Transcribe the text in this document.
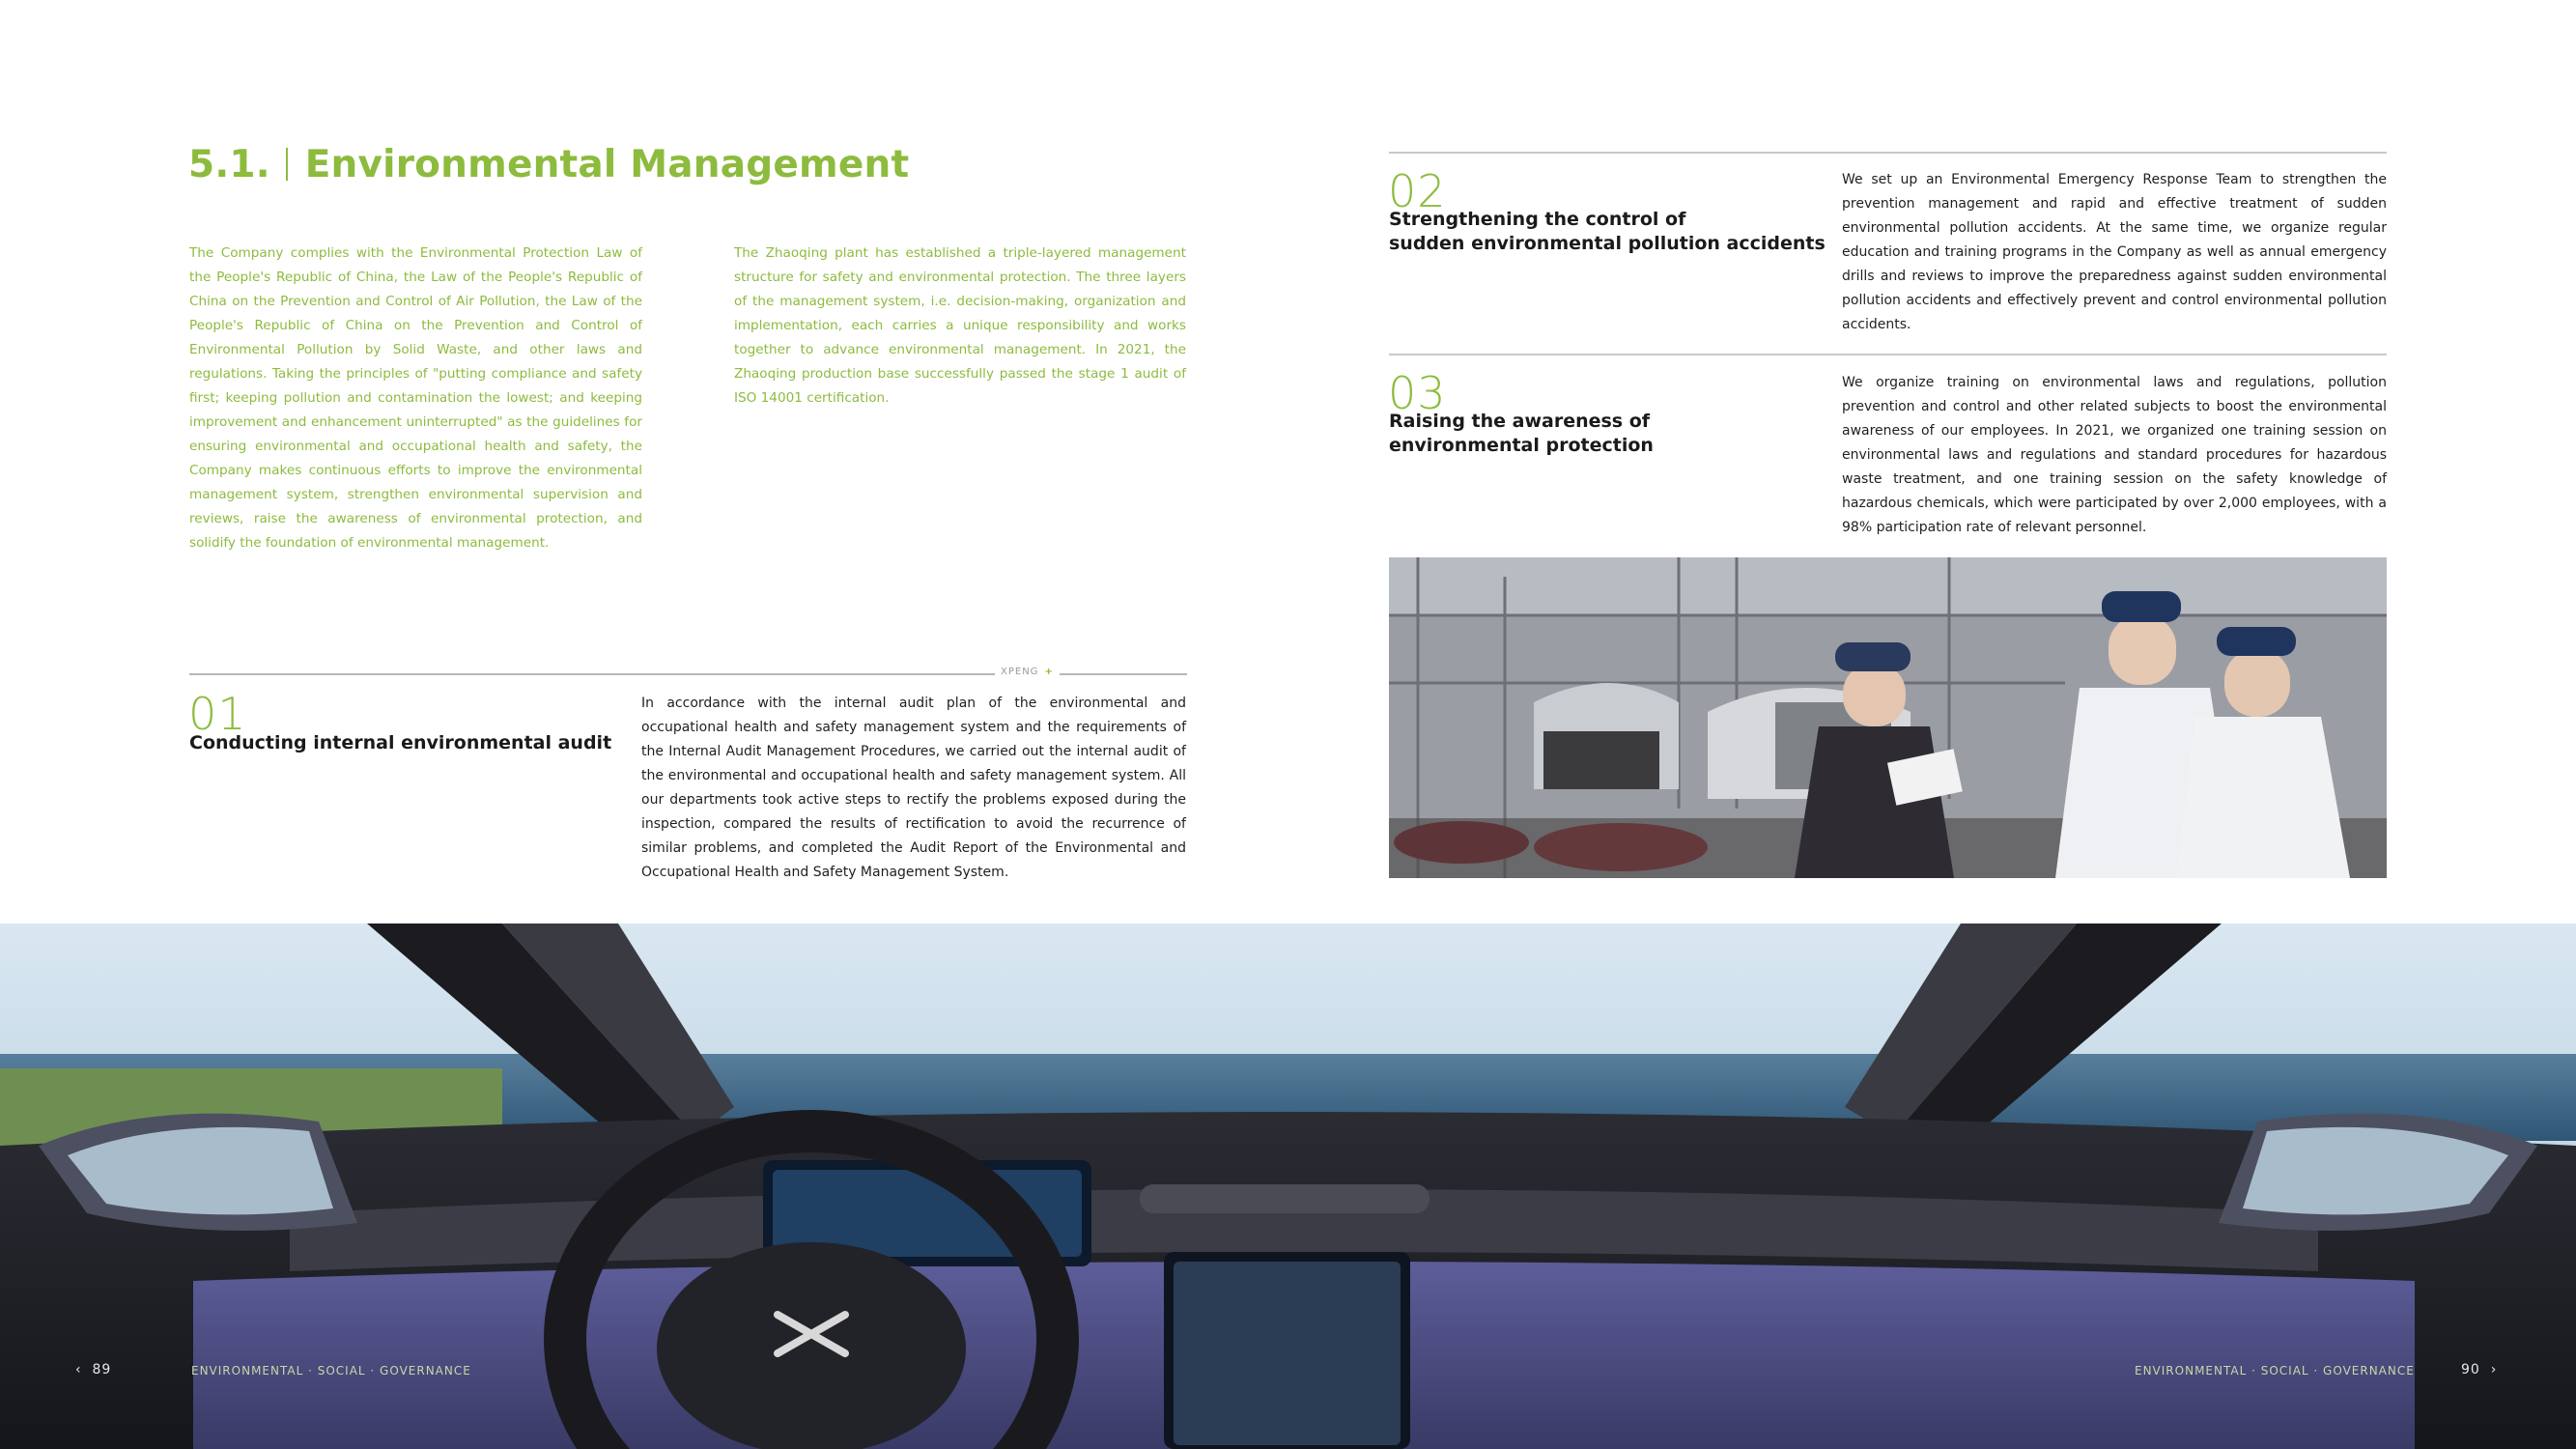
5.1. Environmental Management

The Company complies with the Environmental Protection Law of the People's Republic of China, the Law of the People's Republic of China on the Prevention and Control of Air Pollution, the Law of the People's Republic of China on the Prevention and Control of Environmental Pollution by Solid Waste, and other laws and regulations. Taking the principles of "putting compliance and safety first; keeping pollution and contamination the lowest; and keeping improvement and enhancement uninterrupted" as the guidelines for ensuring environmental and occupational health and safety, the Company makes continuous efforts to improve the environmental management system, strengthen environmental supervision and reviews, raise the awareness of environmental protection, and solidify the foundation of environmental management.

The Zhaoqing plant has established a triple-layered management structure for safety and environmental protection. The three layers of the management system, i.e. decision-making, organization and implementation, each carries a unique responsibility and works together to advance environmental management. In 2021, the Zhaoqing production base successfully passed the stage 1 audit of ISO 14001 certification.

XPENG +
01
Conducting internal environmental audit

In accordance with the internal audit plan of the environmental and occupational health and safety management system and the requirements of the Internal Audit Management Procedures, we carried out the internal audit of the environmental and occupational health and safety management system. All our departments took active steps to rectify the problems exposed during the inspection, compared the results of rectification to avoid the recurrence of similar problems, and completed the Audit Report of the Environmental and Occupational Health and Safety Management System.

02
Strengthening the control of
sudden environmental pollution accidents

We set up an Environmental Emergency Response Team to strengthen the prevention management and rapid and effective treatment of sudden environmental pollution accidents. At the same time, we organize regular education and training programs in the Company as well as annual emergency drills and reviews to improve the preparedness against sudden environmental pollution accidents and effectively prevent and control environmental pollution accidents.

03
Raising the awareness of
environmental protection

We organize training on environmental laws and regulations, pollution prevention and control and other related subjects to boost the environmental awareness of our employees. In 2021, we organized one training session on environmental laws and regulations and standard procedures for hazardous waste treatment, and one training session on the safety knowledge of hazardous chemicals, which were participated by over 2,000 employees, with a 98% participation rate of relevant personnel.

‹  89	ENVIRONMENTAL · SOCIAL · GOVERNANCE	ENVIRONMENTAL · SOCIAL · GOVERNANCE	90  ›
